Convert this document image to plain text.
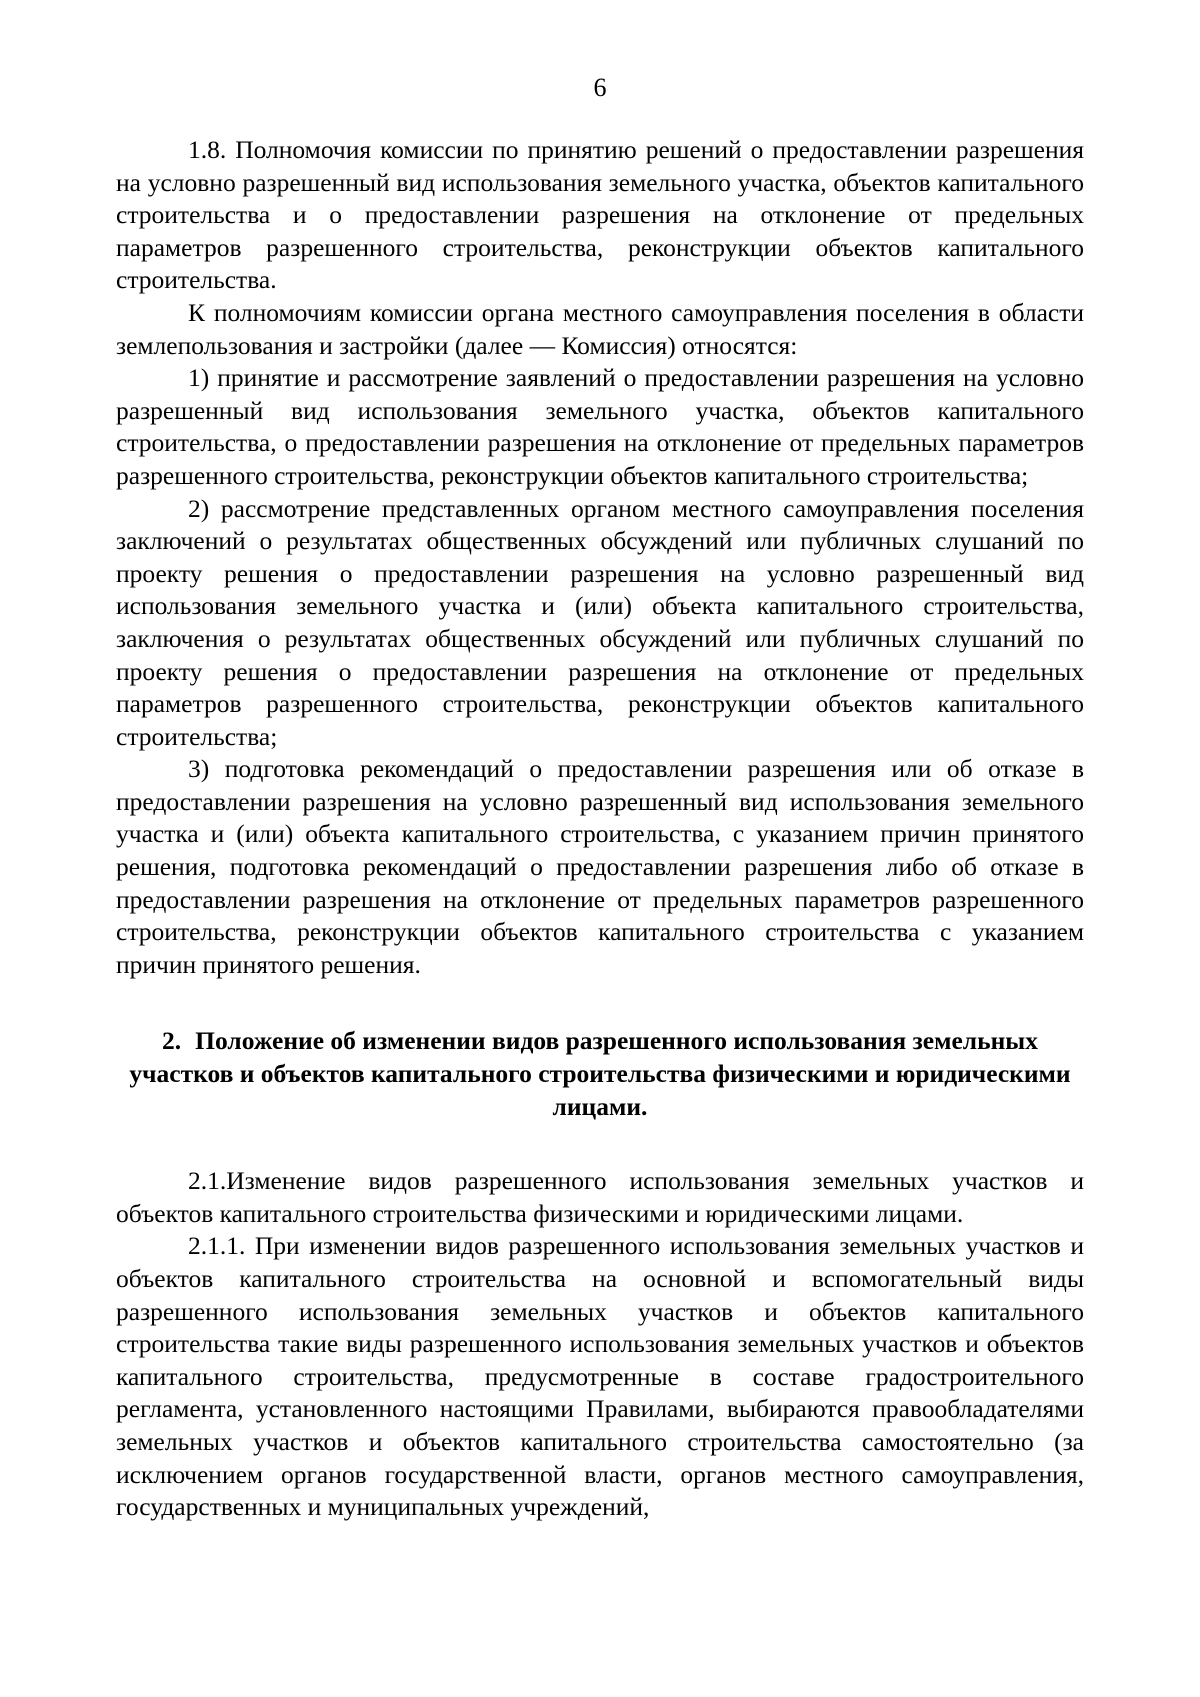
6

1.8. Полномочия комиссии по принятию решений о предоставлении разрешения на условно разрешенный вид использования земельного участка, объектов капитального строительства и о предоставлении разрешения на отклонение от предельных параметров разрешенного строительства, реконструкции объектов капитального строительства.

К полномочиям комиссии органа местного самоуправления поселения в области землепользования и застройки (далее — Комиссия) относятся:

1) принятие и рассмотрение заявлений о предоставлении разрешения на условно разрешенный вид использования земельного участка, объектов капитального строительства, о предоставлении разрешения на отклонение от предельных параметров разрешенного строительства, реконструкции объектов капитального строительства;

2) рассмотрение представленных органом местного самоуправления поселения заключений о результатах общественных обсуждений или публичных слушаний по проекту решения о предоставлении разрешения на условно разрешенный вид использования земельного участка и (или) объекта капитального строительства, заключения о результатах общественных обсуждений или публичных слушаний по проекту решения о предоставлении разрешения на отклонение от предельных параметров разрешенного строительства, реконструкции объектов капитального строительства;

3) подготовка рекомендаций о предоставлении разрешения или об отказе в предоставлении разрешения на условно разрешенный вид использования земельного участка и (или) объекта капитального строительства, с указанием причин принятого решения, подготовка рекомендаций о предоставлении разрешения либо об отказе в предоставлении разрешения на отклонение от предельных параметров разрешенного строительства, реконструкции объектов капитального строительства с указанием причин принятого решения.

2. Положение об изменении видов разрешенного использования земельных участков и объектов капитального строительства физическими и юридическими лицами.

2.1.Изменение видов разрешенного использования земельных участков и объектов капитального строительства физическими и юридическими лицами.

2.1.1. При изменении видов разрешенного использования земельных участков и объектов капитального строительства на основной и вспомогательный виды разрешенного использования земельных участков и объектов капитального строительства такие виды разрешенного использования земельных участков и объектов капитального строительства, предусмотренные в составе градостроительного регламента, установленного настоящими Правилами, выбираются правообладателями земельных участков и объектов капитального строительства самостоятельно (за исключением органов государственной власти, органов местного самоуправления, государственных и муниципальных учреждений,
